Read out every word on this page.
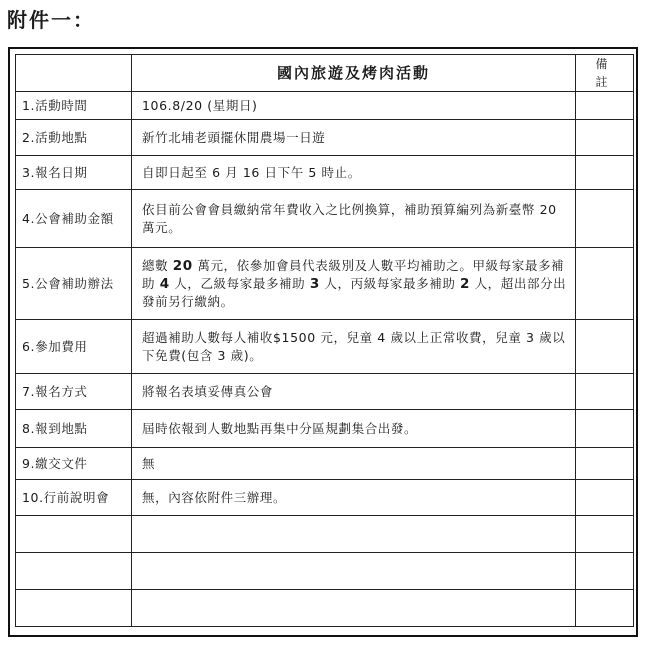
附件一：
	國內旅遊及烤肉活動	備　註
1.活動時間	106.8/20 (星期日)	
2.活動地點	新竹北埔老頭擺休閒農場一日遊	
3.報名日期	自即日起至 6 月 16 日下午 5 時止。	
4.公會補助金額	依目前公會會員繳納常年費收入之比例換算，補助預算編列為新臺幣 20 萬元。	
5.公會補助辦法	總數 20 萬元，依參加會員代表級別及人數平均補助之。甲級每家最多補助 4 人，乙級每家最多補助 3 人，丙級每家最多補助 2 人，超出部分出發前另行繳納。	
6.參加費用	超過補助人數每人補收$1500 元，兒童 4 歲以上正常收費，兒童 3 歲以下免費(包含 3 歲)。	
7.報名方式	將報名表填妥傳真公會	
8.報到地點	屆時依報到人數地點再集中分區規劃集合出發。	
9.繳交文件	無	
10.行前說明會	無，內容依附件三辦理。	
